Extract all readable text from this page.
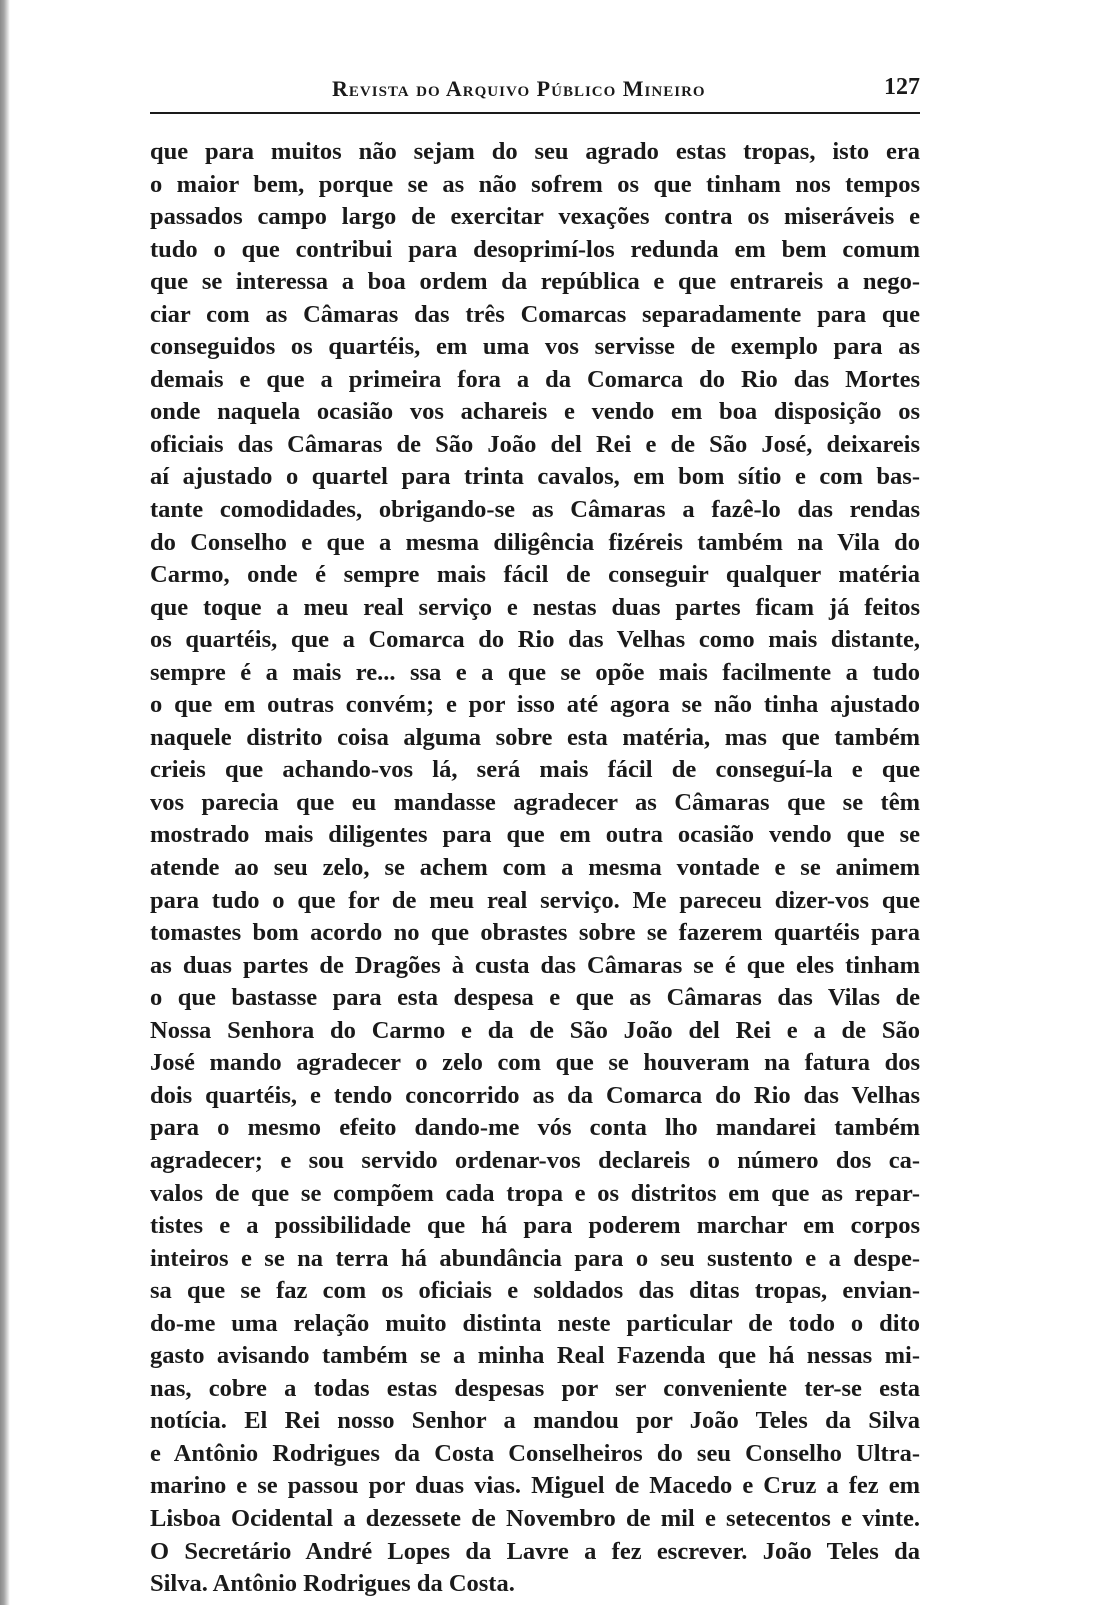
Revista do Arquivo Público Mineiro	127
que para muitos não sejam do seu agrado estas tropas, isto era
o maior bem, porque se as não sofrem os que tinham nos tempos
passados campo largo de exercitar vexações contra os miseráveis e
tudo o que contribui para desoprimí-los redunda em bem comum
que se interessa a boa ordem da república e que entrareis a nego-
ciar com as Câmaras das três Comarcas separadamente para que
conseguidos os quartéis, em uma vos servisse de exemplo para as
demais e que a primeira fora a da Comarca do Rio das Mortes
onde naquela ocasião vos achareis e vendo em boa disposição os
oficiais das Câmaras de São João del Rei e de São José, deixareis
aí ajustado o quartel para trinta cavalos, em bom sítio e com bas-
tante comodidades, obrigando-se as Câmaras a fazê-lo das rendas
do Conselho e que a mesma diligência fizéreis também na Vila do
Carmo, onde é sempre mais fácil de conseguir qualquer matéria
que toque a meu real serviço e nestas duas partes ficam já feitos
os quartéis, que a Comarca do Rio das Velhas como mais distante,
sempre é a mais re... ssa e a que se opõe mais facilmente a tudo
o que em outras convém; e por isso até agora se não tinha ajustado
naquele distrito coisa alguma sobre esta matéria, mas que também
crieis que achando-vos lá, será mais fácil de conseguí-la e que
vos parecia que eu mandasse agradecer as Câmaras que se têm
mostrado mais diligentes para que em outra ocasião vendo que se
atende ao seu zelo, se achem com a mesma vontade e se animem
para tudo o que for de meu real serviço. Me pareceu dizer-vos que
tomastes bom acordo no que obrastes sobre se fazerem quartéis para
as duas partes de Dragões à custa das Câmaras se é que eles tinham
o que bastasse para esta despesa e que as Câmaras das Vilas de
Nossa Senhora do Carmo e da de São João del Rei e a de São
José mando agradecer o zelo com que se houveram na fatura dos
dois quartéis, e tendo concorrido as da Comarca do Rio das Velhas
para o mesmo efeito dando-me vós conta lho mandarei também
agradecer; e sou servido ordenar-vos declareis o número dos ca-
valos de que se compõem cada tropa e os distritos em que as repar-
tistes e a possibilidade que há para poderem marchar em corpos
inteiros e se na terra há abundância para o seu sustento e a despe-
sa que se faz com os oficiais e soldados das ditas tropas, envian-
do-me uma relação muito distinta neste particular de todo o dito
gasto avisando também se a minha Real Fazenda que há nessas mi-
nas, cobre a todas estas despesas por ser conveniente ter-se esta
notícia. El Rei nosso Senhor a mandou por João Teles da Silva
e Antônio Rodrigues da Costa Conselheiros do seu Conselho Ultra-
marino e se passou por duas vias. Miguel de Macedo e Cruz a fez em
Lisboa Ocidental a dezessete de Novembro de mil e setecentos e vinte.
O Secretário André Lopes da Lavre a fez escrever. João Teles da
Silva. Antônio Rodrigues da Costa.
